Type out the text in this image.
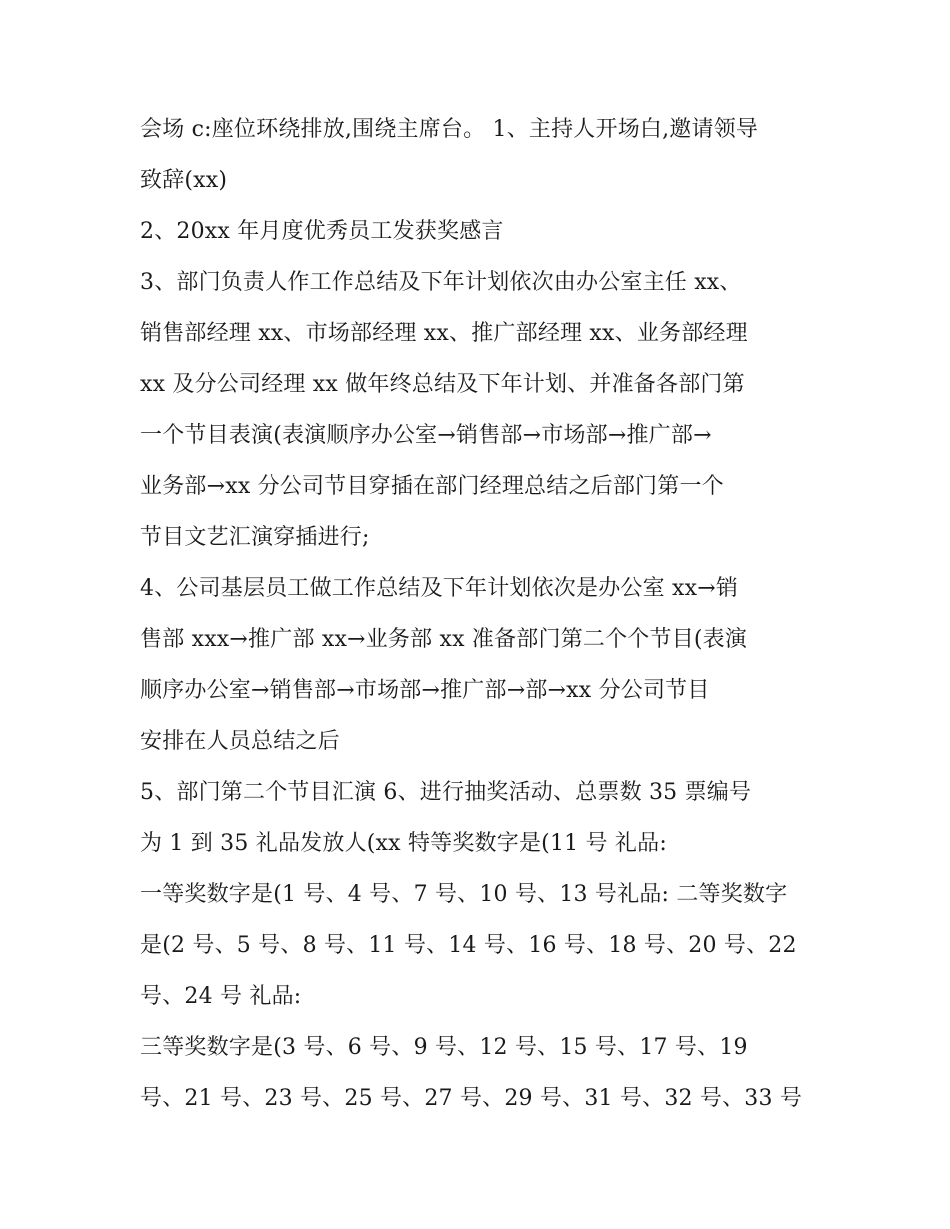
会场 c:座位环绕排放,围绕主席台。 1、主持人开场白,邀请领导
致辞(xx)
2、20xx 年月度优秀员工发获奖感言
3、部门负责人作工作总结及下年计划依次由办公室主任 xx、
销售部经理 xx、市场部经理 xx、推广部经理 xx、业务部经理
xx 及分公司经理 xx 做年终总结及下年计划、并准备各部门第
一个节目表演(表演顺序办公室→销售部→市场部→推广部→
业务部→xx 分公司节目穿插在部门经理总结之后部门第一个
节目文艺汇演穿插进行;
4、公司基层员工做工作总结及下年计划依次是办公室 xx→销
售部 xxx→推广部 xx→业务部 xx 准备部门第二个个节目(表演
顺序办公室→销售部→市场部→推广部→部→xx 分公司节目
安排在人员总结之后
5、部门第二个节目汇演 6、进行抽奖活动、总票数 35 票编号
为 1 到 35 礼品发放人(xx 特等奖数字是(11 号 礼品:
一等奖数字是(1 号、4 号、7 号、10 号、13 号礼品: 二等奖数字
是(2 号、5 号、8 号、11 号、14 号、16 号、18 号、20 号、22
号、24 号 礼品:
三等奖数字是(3 号、6 号、9 号、12 号、15 号、17 号、19
号、21 号、23 号、25 号、27 号、29 号、31 号、32 号、33 号
